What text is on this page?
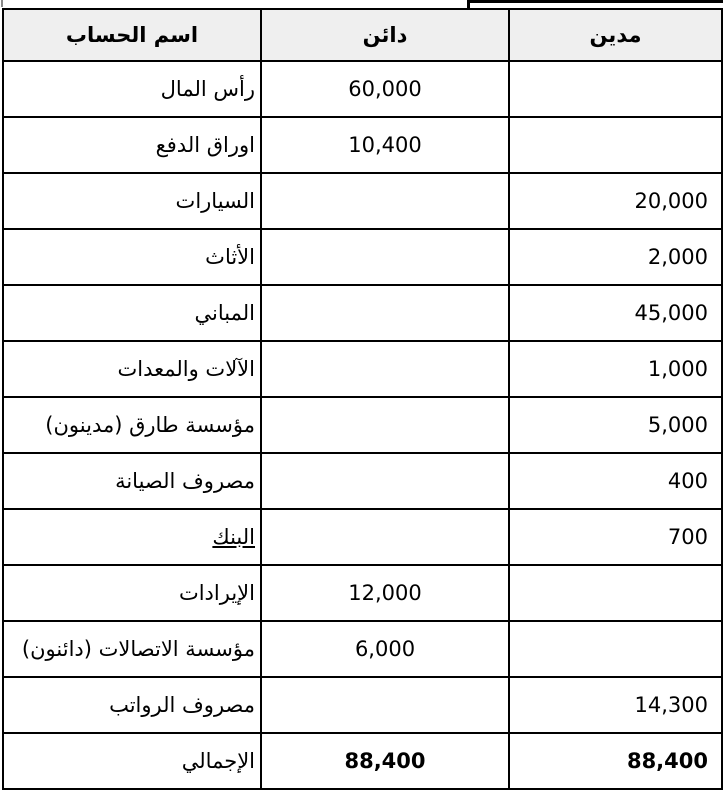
اسم الحساب	دائن	مدين
رأس المال	60,000	
اوراق الدفع	10,400	
السيارات		20,000
الأثاث		2,000
المباني		45,000
الآلات والمعدات		1,000
مؤسسة طارق (مدينون)		5,000
مصروف الصيانة		400
البنك		700
الإيرادات	12,000	
مؤسسة الاتصالات (دائنون)	6,000	
مصروف الرواتب		14,300
الإجمالي	88,400	88,400
